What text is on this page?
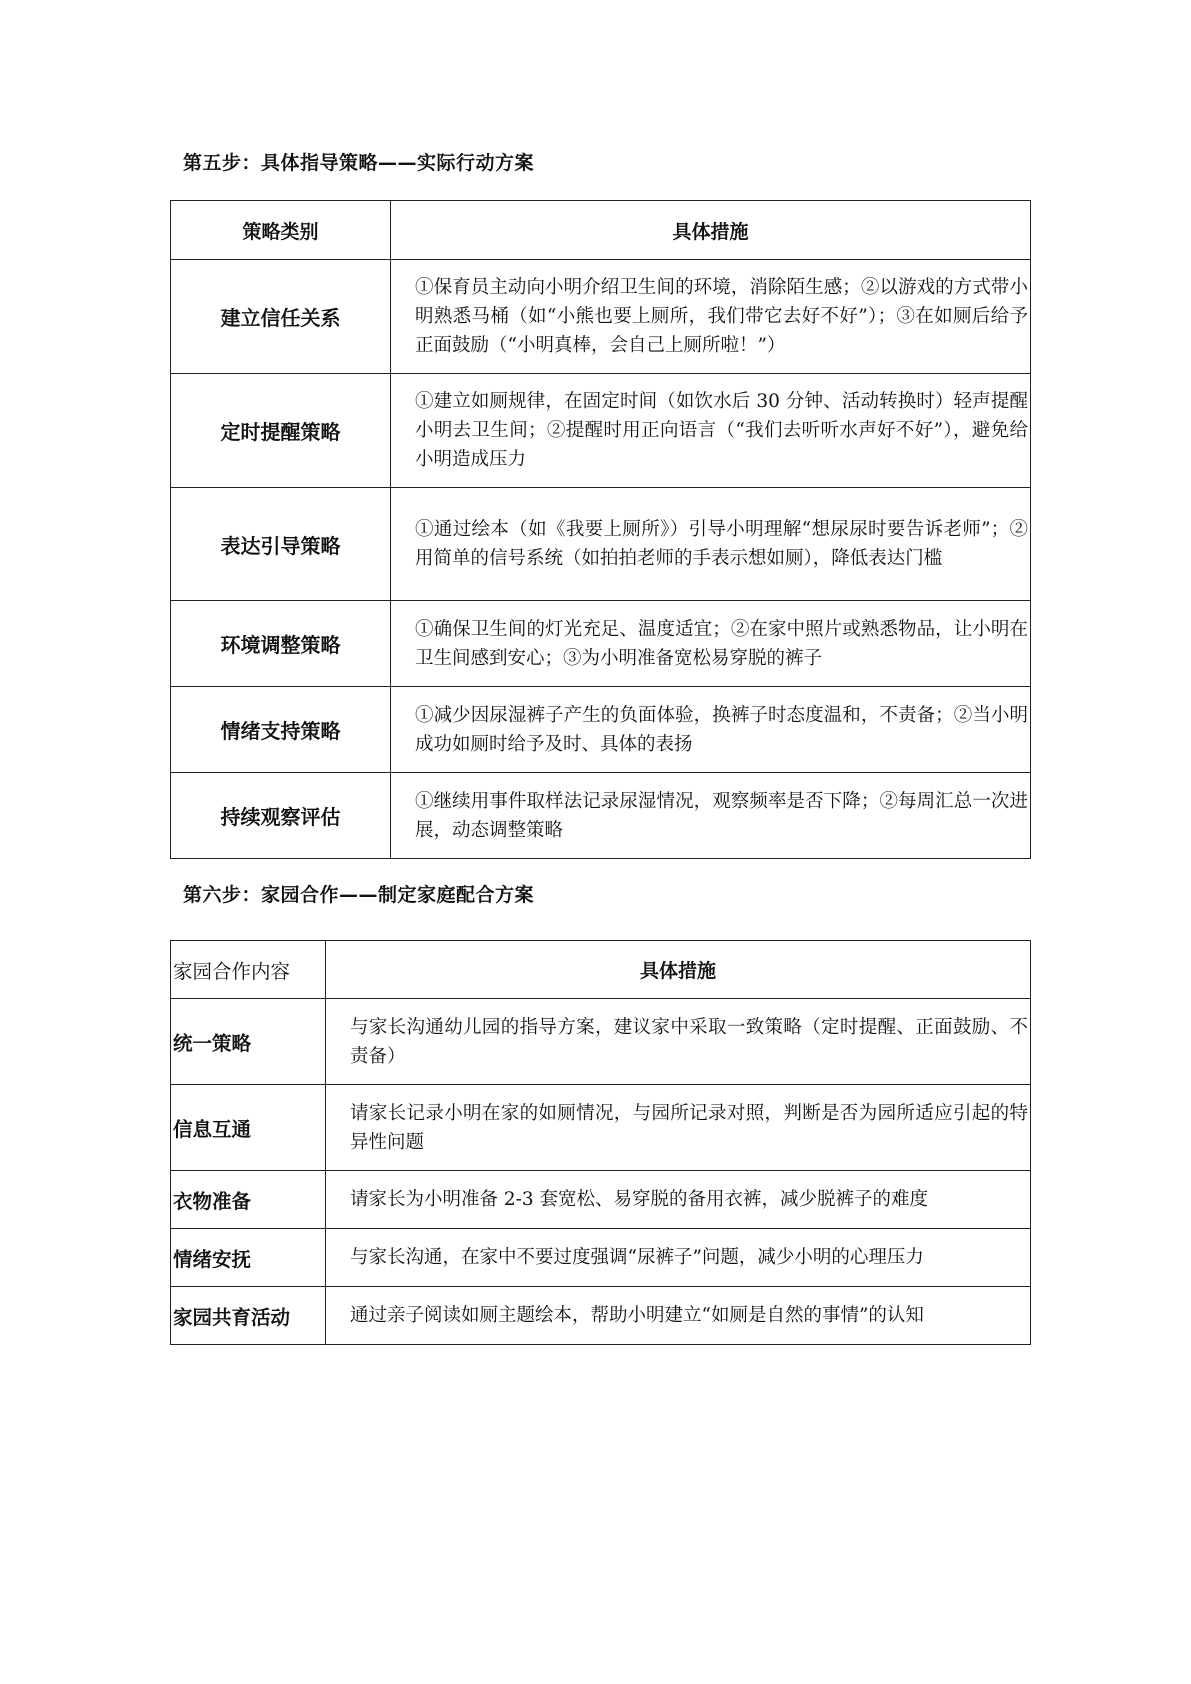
第五步：具体指导策略——实际行动方案
策略类别	具体措施
建立信任关系	①保育员主动向小明介绍卫生间的环境，消除陌生感；②以游戏的方式带小明熟悉马桶（如“小熊也要上厕所，我们带它去好不好”）；③在如厕后给予正面鼓励（“小明真棒，会自己上厕所啦！”）
定时提醒策略	①建立如厕规律，在固定时间（如饮水后 30 分钟、活动转换时）轻声提醒小明去卫生间；②提醒时用正向语言（“我们去听听水声好不好”），避免给小明造成压力
表达引导策略	①通过绘本（如《我要上厕所》）引导小明理解“想尿尿时要告诉老师”；②用简单的信号系统（如拍拍老师的手表示想如厕），降低表达门槛
环境调整策略	①确保卫生间的灯光充足、温度适宜；②在家中照片或熟悉物品，让小明在卫生间感到安心；③为小明准备宽松易穿脱的裤子
情绪支持策略	①减少因尿湿裤子产生的负面体验，换裤子时态度温和，不责备；②当小明成功如厕时给予及时、具体的表扬
持续观察评估	①继续用事件取样法记录尿湿情况，观察频率是否下降；②每周汇总一次进展，动态调整策略
第六步：家园合作——制定家庭配合方案
家园合作内容	具体措施
统一策略	与家长沟通幼儿园的指导方案，建议家中采取一致策略（定时提醒、正面鼓励、不责备）
信息互通	请家长记录小明在家的如厕情况，与园所记录对照，判断是否为园所适应引起的特异性问题
衣物准备	请家长为小明准备 2-3 套宽松、易穿脱的备用衣裤，减少脱裤子的难度
情绪安抚	与家长沟通，在家中不要过度强调“尿裤子”问题，减少小明的心理压力
家园共育活动	通过亲子阅读如厕主题绘本，帮助小明建立“如厕是自然的事情”的认知
